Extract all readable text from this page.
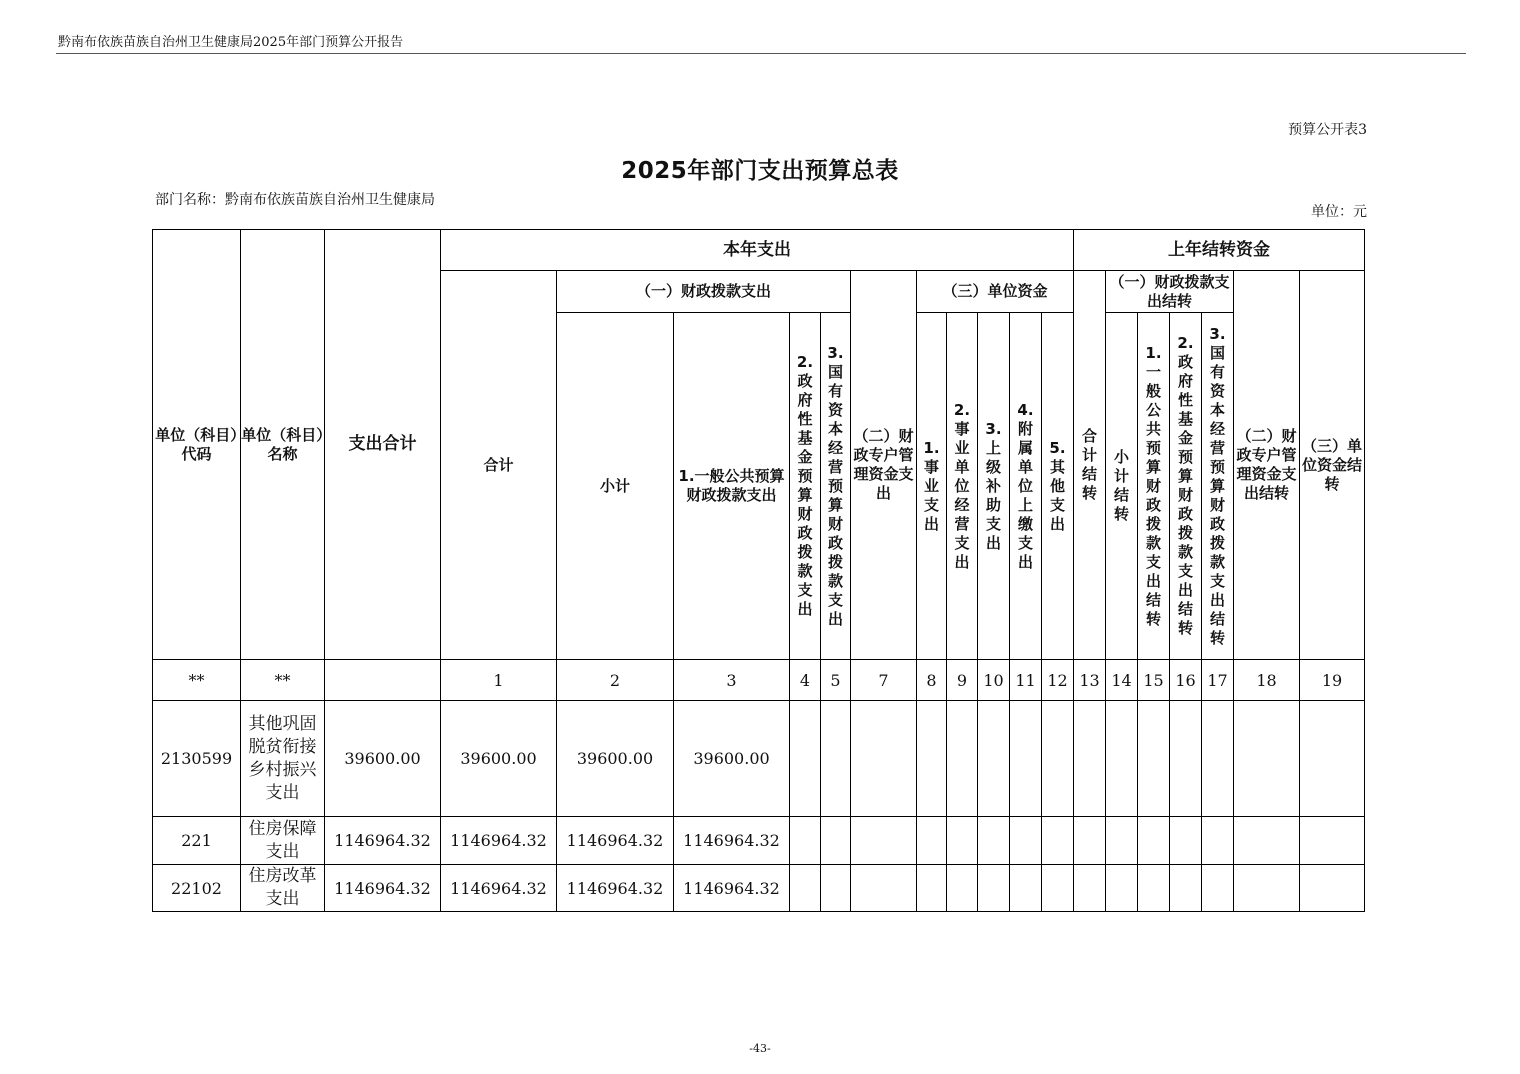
黔南布依族苗族自治州卫生健康局2025年部门预算公开报告
预算公开表3
2025年部门支出预算总表
部门名称：黔南布依族苗族自治州卫生健康局
单位：元
单位（科目）代码	单位（科目）名称	支出合计	本年支出											上年结转资金						
			合计	（一）财政拨款支出				（二）财政专户管理资金支出	（三）单位资金					合计结转	（一）财政拨款支出结转				（二）财政专户管理资金支出结转	（三）单位资金结转
				小计	1.一般公共预算财政拨款支出	2.政府性基金预算财政拨款支出	3.国有资本经营预算财政拨款支出		1.事业支出	2.事业单位经营支出	3.上级补助支出	4.附属单位上缴支出	5.其他支出		小计结转	1.一般公共预算财政拨款支出结转	2.政府性基金预算财政拨款支出结转	3.国有资本经营预算财政拨款支出结转		
**	**		1	2	3	4	5	7	8	9	10	11	12	13	14	15	16	17	18	19
2130599	其他巩固脱贫衔接乡村振兴支出	39600.00	39600.00	39600.00	39600.00															
221	住房保障支出	1146964.32	1146964.32	1146964.32	1146964.32															
22102	住房改革支出	1146964.32	1146964.32	1146964.32	1146964.32															
-43-
